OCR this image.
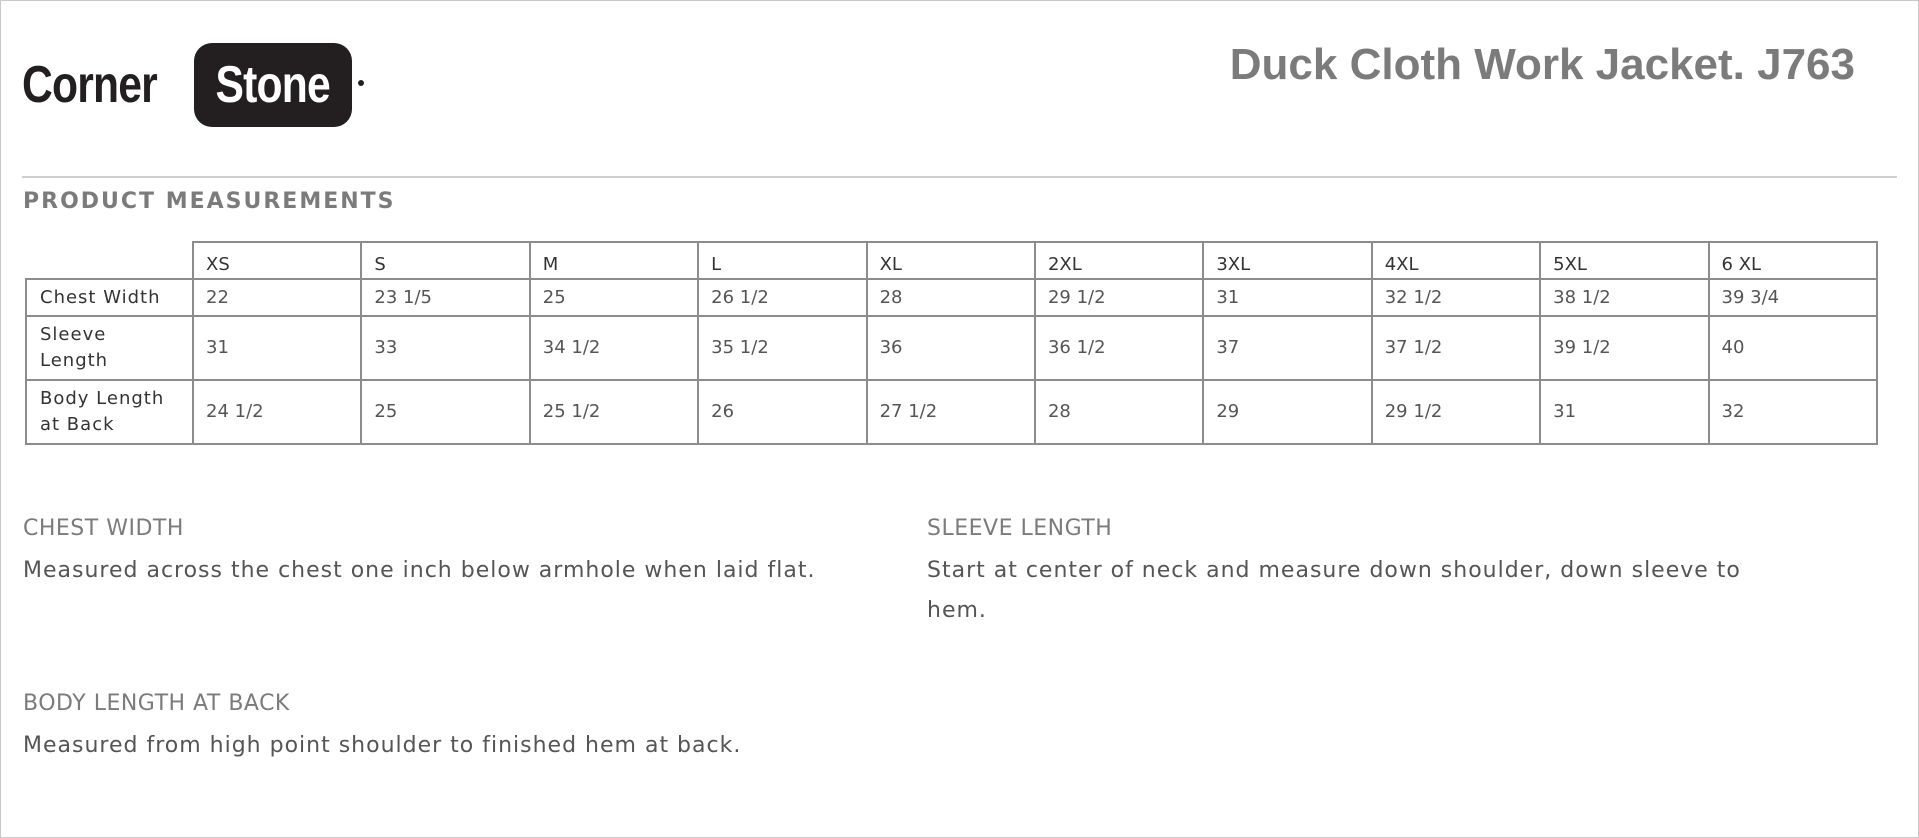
Corner Stone	Duck Cloth Work Jacket. J763
PRODUCT MEASUREMENTS
	XS	S	M	L	XL	2XL	3XL	4XL	5XL	6 XL
Chest Width	22	23 1/5	25	26 1/2	28	29 1/2	31	32 1/2	38 1/2	39 3/4
Sleeve Length	31	33	34 1/2	35 1/2	36	36 1/2	37	37 1/2	39 1/2	40
Body Length at Back	24 1/2	25	25 1/2	26	27 1/2	28	29	29 1/2	31	32
CHEST WIDTH
Measured across the chest one inch below armhole when laid flat.
SLEEVE LENGTH
Start at center of neck and measure down shoulder, down sleeve to hem.
BODY LENGTH AT BACK
Measured from high point shoulder to finished hem at back.
